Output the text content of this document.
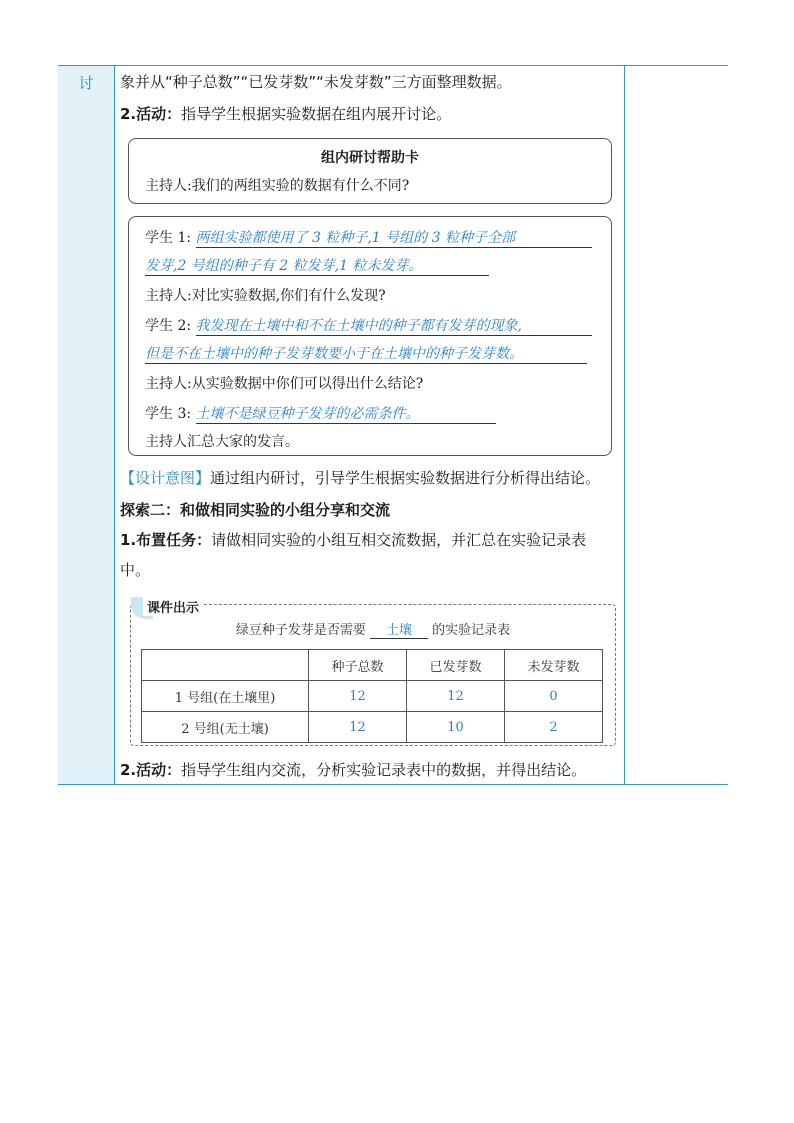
讨	象并从“种子总数”“已发芽数”“未发芽数”三方面整理数据。
2.活动：指导学生根据实验数据在组内展开讨论。
组内研讨帮助卡
主持人:我们的两组实验的数据有什么不同?
学生 1: 两组实验都使用了 3 粒种子,1 号组的 3 粒种子全部
发芽,2 号组的种子有 2 粒发芽,1 粒未发芽。
主持人:对比实验数据,你们有什么发现?
学生 2: 我发现在土壤中和不在土壤中的种子都有发芽的现象,
但是不在土壤中的种子发芽数要小于在土壤中的种子发芽数。
主持人:从实验数据中你们可以得出什么结论?
学生 3: 土壤不是绿豆种子发芽的必需条件。
主持人汇总大家的发言。
【设计意图】通过组内研讨，引导学生根据实验数据进行分析得出结论。
探索二：和做相同实验的小组分享和交流
1.布置任务：请做相同实验的小组互相交流数据，并汇总在实验记录表
中。
2.活动：指导学生组内交流，分析实验记录表中的数据，并得出结论。
课件出示
绿豆种子发芽是否需要 土壤 的实验记录表
	种子总数	已发芽数	未发芽数
1 号组(在土壤里)	12	12	0
2 号组(无土壤)	12	10	2
